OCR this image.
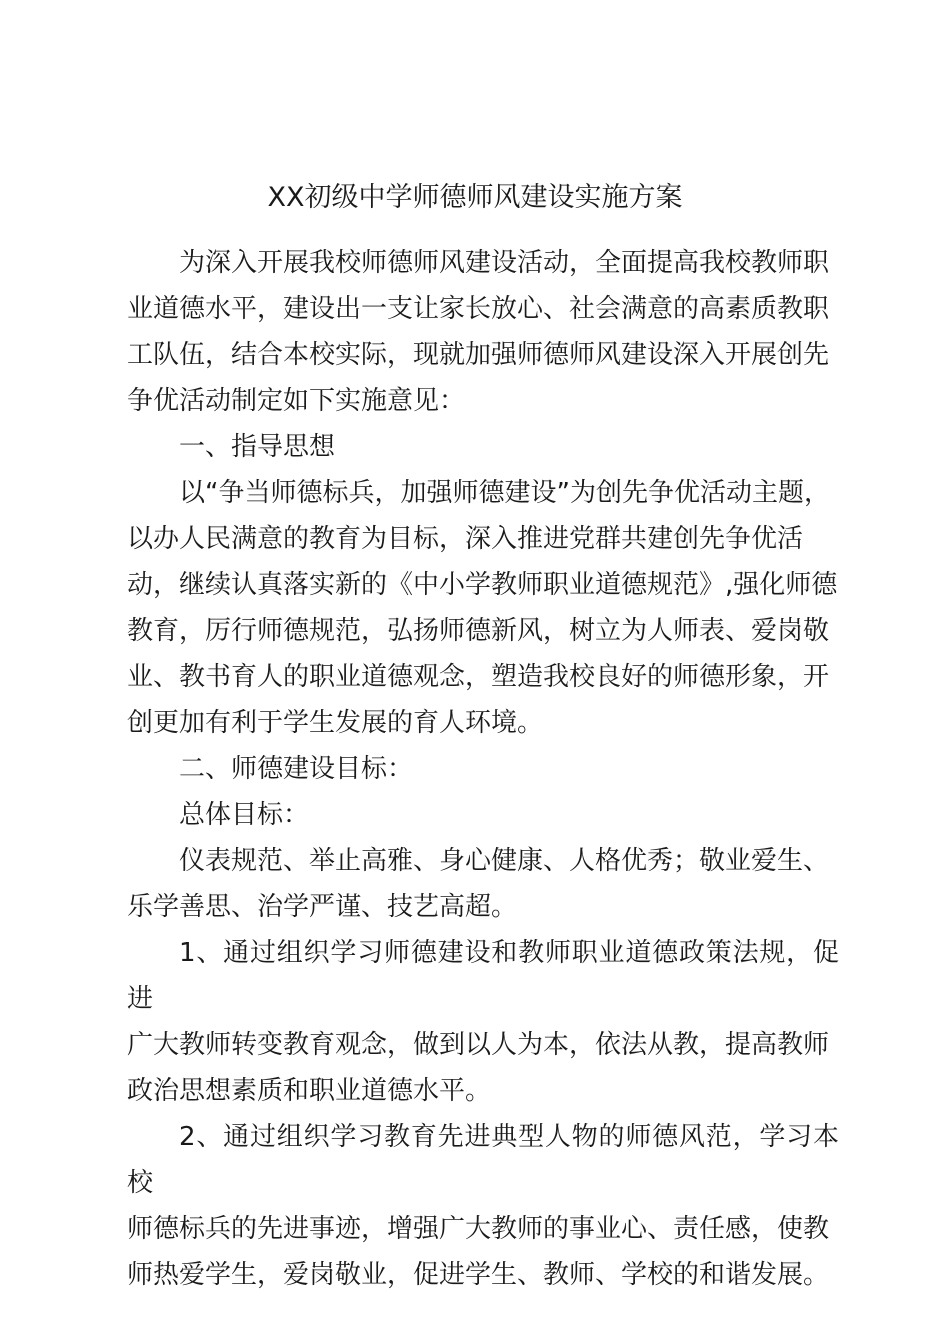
XX初级中学师德师风建设实施方案

为深入开展我校师德师风建设活动，全面提高我校教师职
业道德水平，建设出一支让家长放心、社会满意的高素质教职
工队伍，结合本校实际，现就加强师德师风建设深入开展创先
争优活动制定如下实施意见：

一、指导思想

以“争当师德标兵，加强师德建设”为创先争优活动主题，
以办人民满意的教育为目标，深入推进党群共建创先争优活
动，继续认真落实新的《中小学教师职业道德规范》,强化师德
教育，厉行师德规范，弘扬师德新风，树立为人师表、爱岗敬
业、教书育人的职业道德观念，塑造我校良好的师德形象，开
创更加有利于学生发展的育人环境。

二、师德建设目标：

总体目标：

仪表规范、举止高雅、身心健康、人格优秀；敬业爱生、
乐学善思、治学严谨、技艺高超。

1、通过组织学习师德建设和教师职业道德政策法规，促进
广大教师转变教育观念，做到以人为本，依法从教，提高教师
政治思想素质和职业道德水平。

2、通过组织学习教育先进典型人物的师德风范，学习本校
师德标兵的先进事迹，增强广大教师的事业心、责任感，使教
师热爱学生，爱岗敬业，促进学生、教师、学校的和谐发展。
